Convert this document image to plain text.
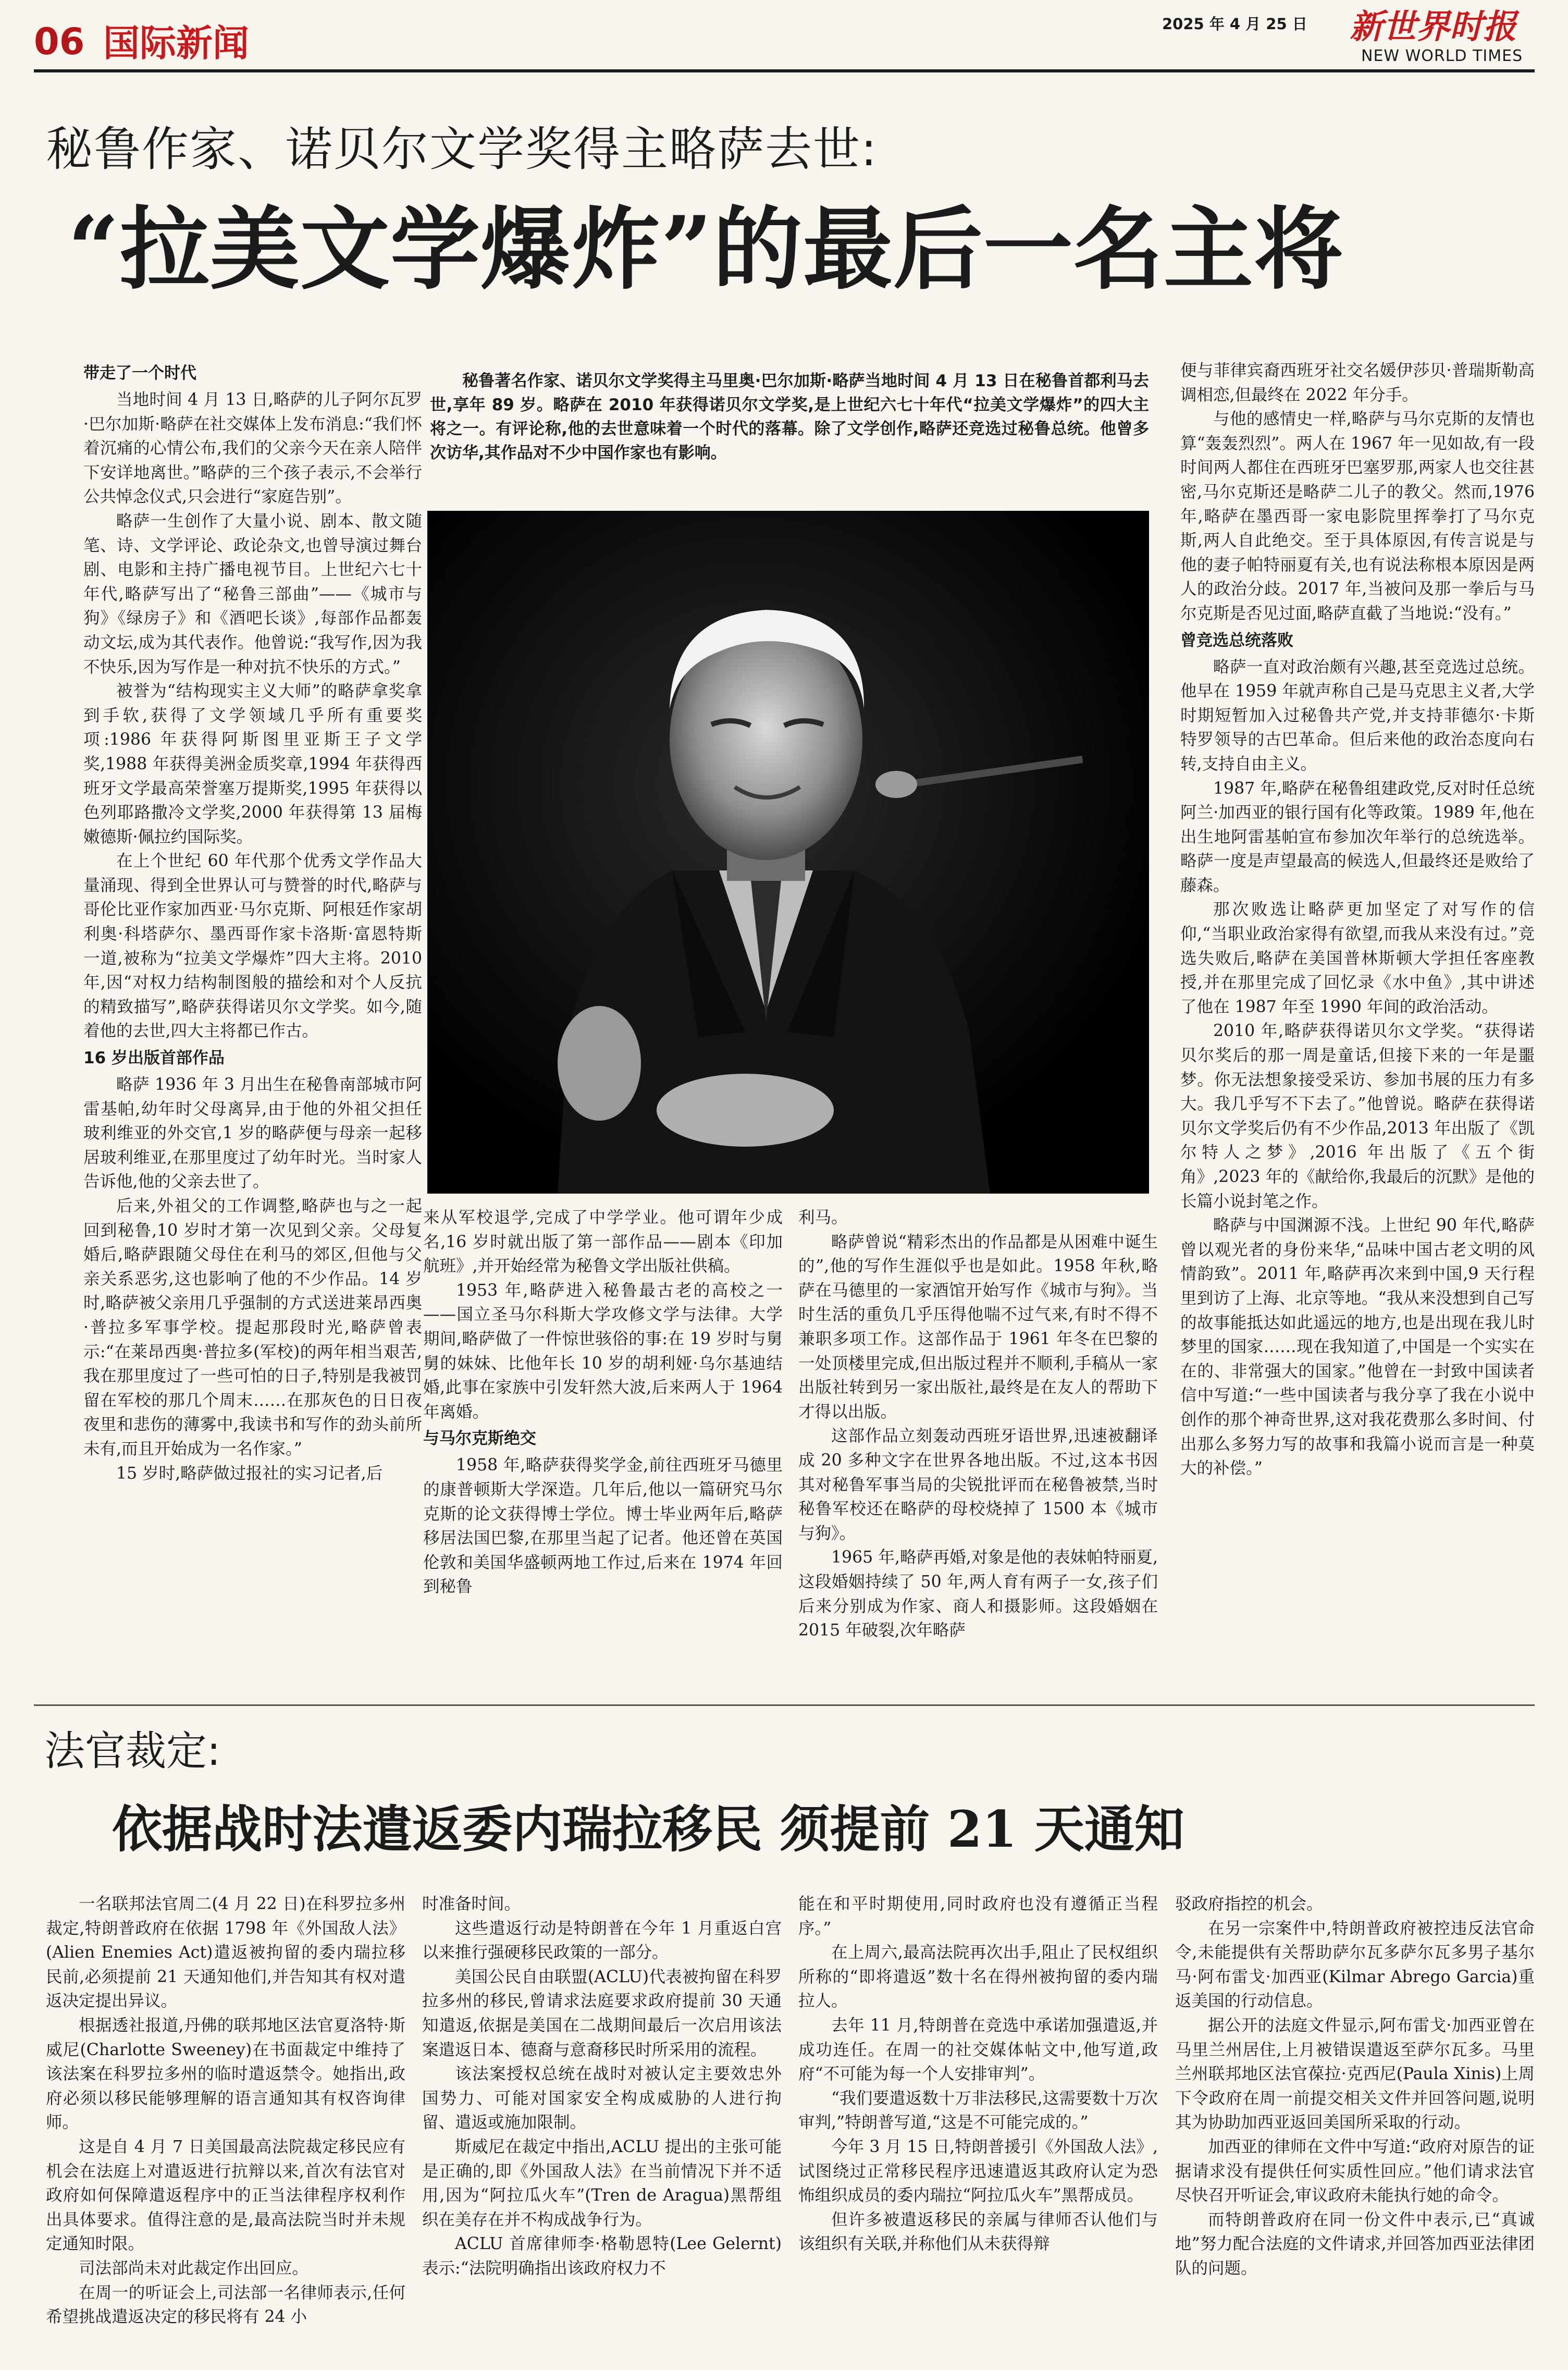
06 国际新闻	2025 年 4 月 25 日 新世界时报
NEW WORLD TIMES
秘鲁作家、诺贝尔文学奖得主略萨去世:
“拉美文学爆炸”的最后一名主将

秘鲁著名作家、诺贝尔文学奖得主马里奥·巴尔加斯·略萨当地时间 4 月 13 日在秘鲁首都利马去世,享年 89 岁。略萨在 2010 年获得诺贝尔文学奖,是上世纪六七十年代“拉美文学爆炸”的四大主将之一。有评论称,他的去世意味着一个时代的落幕。除了文学创作,略萨还竞选过秘鲁总统。他曾多次访华,其作品对不少中国作家也有影响。

带走了一个时代

当地时间 4 月 13 日,略萨的儿子阿尔瓦罗·巴尔加斯·略萨在社交媒体上发布消息:“我们怀着沉痛的心情公布,我们的父亲今天在亲人陪伴下安详地离世。”略萨的三个孩子表示,不会举行公共悼念仪式,只会进行“家庭告别”。

略萨一生创作了大量小说、剧本、散文随笔、诗、文学评论、政论杂文,也曾导演过舞台剧、电影和主持广播电视节目。上世纪六七十年代,略萨写出了“秘鲁三部曲”——《城市与狗》《绿房子》和《酒吧长谈》,每部作品都轰动文坛,成为其代表作。他曾说:“我写作,因为我不快乐,因为写作是一种对抗不快乐的方式。”

被誉为“结构现实主义大师”的略萨拿奖拿到手软,获得了文学领域几乎所有重要奖项:1986 年获得阿斯图里亚斯王子文学奖,1988 年获得美洲金质奖章,1994 年获得西班牙文学最高荣誉塞万提斯奖,1995 年获得以色列耶路撒冷文学奖,2000 年获得第 13 届梅嫩德斯·佩拉约国际奖。

在上个世纪 60 年代那个优秀文学作品大量涌现、得到全世界认可与赞誉的时代,略萨与哥伦比亚作家加西亚·马尔克斯、阿根廷作家胡利奥·科塔萨尔、墨西哥作家卡洛斯·富恩特斯一道,被称为“拉美文学爆炸”四大主将。2010 年,因“对权力结构制图般的描绘和对个人反抗的精致描写”,略萨获得诺贝尔文学奖。如今,随着他的去世,四大主将都已作古。

16 岁出版首部作品

略萨 1936 年 3 月出生在秘鲁南部城市阿雷基帕,幼年时父母离异,由于他的外祖父担任玻利维亚的外交官,1 岁的略萨便与母亲一起移居玻利维亚,在那里度过了幼年时光。当时家人告诉他,他的父亲去世了。

后来,外祖父的工作调整,略萨也与之一起回到秘鲁,10 岁时才第一次见到父亲。父母复婚后,略萨跟随父母住在利马的郊区,但他与父亲关系恶劣,这也影响了他的不少作品。14 岁时,略萨被父亲用几乎强制的方式送进莱昂西奥·普拉多军事学校。提起那段时光,略萨曾表示:“在莱昂西奥·普拉多(军校)的两年相当艰苦,我在那里度过了一些可怕的日子,特别是我被罚留在军校的那几个周末……在那灰色的日日夜夜里和悲伤的薄雾中,我读书和写作的劲头前所未有,而且开始成为一名作家。”

15 岁时,略萨做过报社的实习记者,后

来从军校退学,完成了中学学业。他可谓年少成名,16 岁时就出版了第一部作品——剧本《印加航班》,并开始经常为秘鲁文学出版社供稿。

1953 年,略萨进入秘鲁最古老的高校之一——国立圣马尔科斯大学攻修文学与法律。大学期间,略萨做了一件惊世骇俗的事:在 19 岁时与舅舅的妹妹、比他年长 10 岁的胡利娅·乌尔基迪结婚,此事在家族中引发轩然大波,后来两人于 1964 年离婚。

与马尔克斯绝交

1958 年,略萨获得奖学金,前往西班牙马德里的康普顿斯大学深造。几年后,他以一篇研究马尔克斯的论文获得博士学位。博士毕业两年后,略萨移居法国巴黎,在那里当起了记者。他还曾在英国伦敦和美国华盛顿两地工作过,后来在 1974 年回到秘鲁

利马。

略萨曾说“精彩杰出的作品都是从困难中诞生的”,他的写作生涯似乎也是如此。1958 年秋,略萨在马德里的一家酒馆开始写作《城市与狗》。当时生活的重负几乎压得他喘不过气来,有时不得不兼职多项工作。这部作品于 1961 年冬在巴黎的一处顶楼里完成,但出版过程并不顺利,手稿从一家出版社转到另一家出版社,最终是在友人的帮助下才得以出版。

这部作品立刻轰动西班牙语世界,迅速被翻译成 20 多种文字在世界各地出版。不过,这本书因其对秘鲁军事当局的尖锐批评而在秘鲁被禁,当时秘鲁军校还在略萨的母校烧掉了 1500 本《城市与狗》。

1965 年,略萨再婚,对象是他的表妹帕特丽夏,这段婚姻持续了 50 年,两人育有两子一女,孩子们后来分别成为作家、商人和摄影师。这段婚姻在 2015 年破裂,次年略萨

便与菲律宾裔西班牙社交名媛伊莎贝·普瑞斯勒高调相恋,但最终在 2022 年分手。

与他的感情史一样,略萨与马尔克斯的友情也算“轰轰烈烈”。两人在 1967 年一见如故,有一段时间两人都住在西班牙巴塞罗那,两家人也交往甚密,马尔克斯还是略萨二儿子的教父。然而,1976 年,略萨在墨西哥一家电影院里挥拳打了马尔克斯,两人自此绝交。至于具体原因,有传言说是与他的妻子帕特丽夏有关,也有说法称根本原因是两人的政治分歧。2017 年,当被问及那一拳后与马尔克斯是否见过面,略萨直截了当地说:“没有。”

曾竞选总统落败

略萨一直对政治颇有兴趣,甚至竞选过总统。他早在 1959 年就声称自己是马克思主义者,大学时期短暂加入过秘鲁共产党,并支持菲德尔·卡斯特罗领导的古巴革命。但后来他的政治态度向右转,支持自由主义。

1987 年,略萨在秘鲁组建政党,反对时任总统阿兰·加西亚的银行国有化等政策。1989 年,他在出生地阿雷基帕宣布参加次年举行的总统选举。略萨一度是声望最高的候选人,但最终还是败给了藤森。

那次败选让略萨更加坚定了对写作的信仰,“当职业政治家得有欲望,而我从来没有过。”竞选失败后,略萨在美国普林斯顿大学担任客座教授,并在那里完成了回忆录《水中鱼》,其中讲述了他在 1987 年至 1990 年间的政治活动。

2010 年,略萨获得诺贝尔文学奖。“获得诺贝尔奖后的那一周是童话,但接下来的一年是噩梦。你无法想象接受采访、参加书展的压力有多大。我几乎写不下去了。”他曾说。略萨在获得诺贝尔文学奖后仍有不少作品,2013 年出版了《凯尔特人之梦》,2016 年出版了《五个街角》,2023 年的《献给你,我最后的沉默》是他的长篇小说封笔之作。

略萨与中国渊源不浅。上世纪 90 年代,略萨曾以观光者的身份来华,“品味中国古老文明的风情韵致”。2011 年,略萨再次来到中国,9 天行程里到访了上海、北京等地。“我从来没想到自己写的故事能抵达如此遥远的地方,也是出现在我儿时梦里的国家……现在我知道了,中国是一个实实在在的、非常强大的国家。”他曾在一封致中国读者信中写道:“一些中国读者与我分享了我在小说中创作的那个神奇世界,这对我花费那么多时间、付出那么多努力写的故事和我篇小说而言是一种莫大的补偿。”

法官裁定:
依据战时法遣返委内瑞拉移民 须提前 21 天通知

一名联邦法官周二(4 月 22 日)在科罗拉多州裁定,特朗普政府在依据 1798 年《外国敌人法》(Alien Enemies Act)遣返被拘留的委内瑞拉移民前,必须提前 21 天通知他们,并告知其有权对遣返决定提出异议。

根据透社报道,丹佛的联邦地区法官夏洛特·斯威尼(Charlotte Sweeney)在书面裁定中维持了该法案在科罗拉多州的临时遣返禁令。她指出,政府必须以移民能够理解的语言通知其有权咨询律师。

这是自 4 月 7 日美国最高法院裁定移民应有机会在法庭上对遣返进行抗辩以来,首次有法官对政府如何保障遣返程序中的正当法律程序权利作出具体要求。值得注意的是,最高法院当时并未规定通知时限。

司法部尚未对此裁定作出回应。

在周一的听证会上,司法部一名律师表示,任何希望挑战遣返决定的移民将有 24 小

时准备时间。

这些遣返行动是特朗普在今年 1 月重返白宫以来推行强硬移民政策的一部分。

美国公民自由联盟(ACLU)代表被拘留在科罗拉多州的移民,曾请求法庭要求政府提前 30 天通知遣返,依据是美国在二战期间最后一次启用该法案遣返日本、德裔与意裔移民时所采用的流程。

该法案授权总统在战时对被认定主要效忠外国势力、可能对国家安全构成威胁的人进行拘留、遣返或施加限制。

斯威尼在裁定中指出,ACLU 提出的主张可能是正确的,即《外国敌人法》在当前情况下并不适用,因为“阿拉瓜火车”(Tren de Aragua)黑帮组织在美存在并不构成战争行为。

ACLU 首席律师李·格勒恩特(Lee Gelernt)表示:“法院明确指出该政府权力不

能在和平时期使用,同时政府也没有遵循正当程序。”

在上周六,最高法院再次出手,阻止了民权组织所称的“即将遣返”数十名在得州被拘留的委内瑞拉人。

去年 11 月,特朗普在竞选中承诺加强遣返,并成功连任。在周一的社交媒体帖文中,他写道,政府“不可能为每一个人安排审判”。

“我们要遣返数十万非法移民,这需要数十万次审判,”特朗普写道,“这是不可能完成的。”

今年 3 月 15 日,特朗普援引《外国敌人法》,试图绕过正常移民程序迅速遣返其政府认定为恐怖组织成员的委内瑞拉“阿拉瓜火车”黑帮成员。

但许多被遣返移民的亲属与律师否认他们与该组织有关联,并称他们从未获得辩

驳政府指控的机会。

在另一宗案件中,特朗普政府被控违反法官命令,未能提供有关帮助萨尔瓦多萨尔瓦多男子基尔马·阿布雷戈·加西亚(Kilmar Abrego Garcia)重返美国的行动信息。

据公开的法庭文件显示,阿布雷戈·加西亚曾在马里兰州居住,上月被错误遣返至萨尔瓦多。马里兰州联邦地区法官葆拉·克西尼(Paula Xinis)上周下令政府在周一前提交相关文件并回答问题,说明其为协助加西亚返回美国所采取的行动。

加西亚的律师在文件中写道:“政府对原告的证据请求没有提供任何实质性回应。”他们请求法官尽快召开听证会,审议政府未能执行她的命令。

而特朗普政府在同一份文件中表示,已“真诚地”努力配合法庭的文件请求,并回答加西亚法律团队的问题。
